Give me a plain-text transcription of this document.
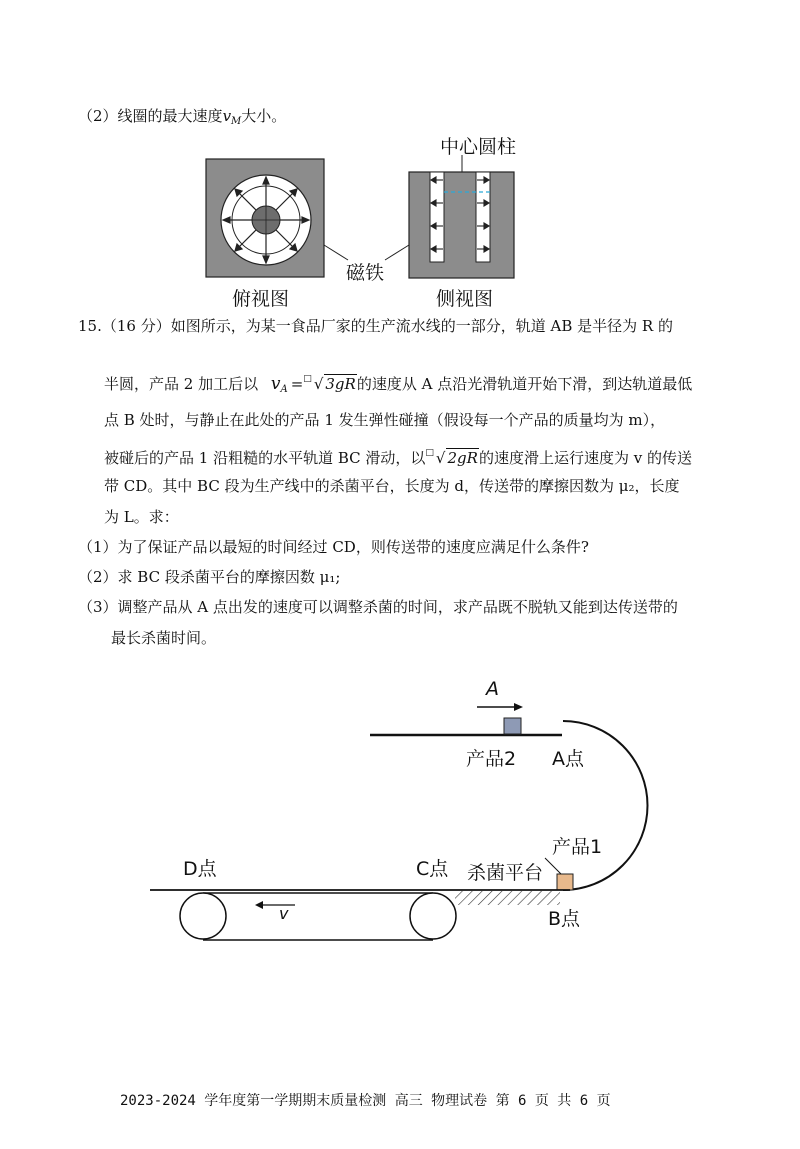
（2）线圈的最大速度$v_M$大小。
中心圆柱
磁铁
俯视图	侧视图
15.（16 分）如图所示，为某一食品厂家的生产流水线的一部分，轨道 AB 是半径为 R 的
半圆，产品 2 加工后以 $v_A =^□$ √ 3gR的速度从 A 点沿光滑轨道开始下滑，到达轨道最低
点 B 处时，与静止在此处的产品 1 发生弹性碰撞（假设每一个产品的质量均为 m），
被碰后的产品 1 沿粗糙的水平轨道 BC 滑动，以□ √ 2gR的速度滑上运行速度为 v 的传送
带 CD。其中 BC 段为生产线中的杀菌平台，长度为 d，传送带的摩擦因数为 μ₂，长度
为 L。求：
（1）为了保证产品以最短的时间经过 CD，则传送带的速度应满足什么条件?
（2）求 BC 段杀菌平台的摩擦因数 μ₁;
（3）调整产品从 A 点出发的速度可以调整杀菌的时间，求产品既不脱轨又能到达传送带的
最长杀菌时间。
A
产品2 A点
产品1
D点	C点 杀菌平台
B点
v
2023-2024 学年度第一学期期末质量检测 高三 物理试卷 第 6 页 共 6 页
